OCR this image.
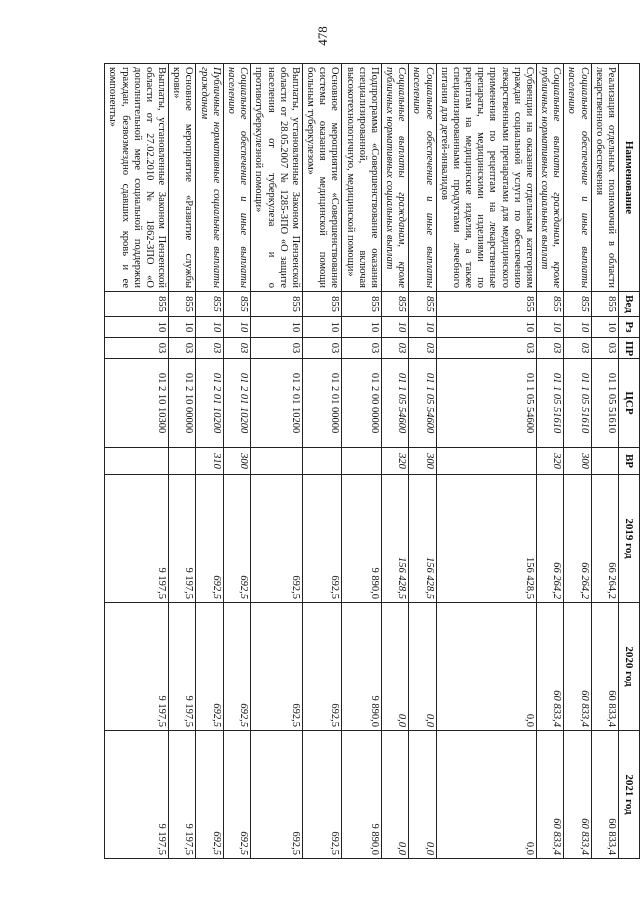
478
Наименование	Вед	Рз	ПР	ЦСР	ВР	2019 год	2020 год	2021 год
Реализация отдельных полномочий в области лекарственного обеспечения	855	10	03	01 1 05 51610		66 264,2	60 833,4	60 833,4
Социальное обеспечение и иные выплаты населению	855	10	03	01 1 05 51610	300	66 264,2	60 833,4	60 833,4
Социальные выплаты гражданам, кроме публичных нормативных социальных выплат	855	10	03	01 1 05 51610	320	66 264,2	60 833,4	60 833,4
Субвенции на оказание отдельным категориям граждан социальной услуги по обеспечению лекарственными препаратами для медицинского применения по рецептам на лекарственные препараты, медицинскими изделиями по рецептам на медицинские изделия, а также специализированными продуктами лечебного питания для детей-инвалидов	855	10	03	01 1 05 54600		156 428,5	0,0	0,0
Социальное обеспечение и иные выплаты населению	855	10	03	01 1 05 54600	300	156 428,5	0,0	0,0
Социальные выплаты гражданам, кроме публичных нормативных социальных выплат	855	10	03	01 1 05 54600	320	156 428,5	0,0	0,0
Подпрограмма «Совершенствование оказания специализированной, включая высокотехнологичную, медицинской помощи»	855	10	03	01 2 00 00000		9 890,0	9 890,0	9 890,0
Основное мероприятие «Совершенствование системы оказания медицинской помощи больным туберкулезом»	855	10	03	01 2 01 00000		692,5	692,5	692,5
Выплаты, установленные Законом Пензенской области от 28.05.2007 № 1285-ЗПО «О защите населения от туберкулеза и о противотуберкулезной помощи»	855	10	03	01 2 01 10200		692,5	692,5	692,5
Социальное обеспечение и иные выплаты населению	855	10	03	01 2 01 10200	300	692,5	692,5	692,5
Публичные нормативные социальные выплаты гражданам	855	10	03	01 2 01 10200	310	692,5	692,5	692,5
Основное мероприятие «Развитие службы крови»	855	10	03	01 2 10 00000		9 197,5	9 197,5	9 197,5
Выплаты, установленные Законом Пензенской области от 27.02.2010 № 1862-ЗПО «О дополнительной мере социальной поддержки граждан, безвозмездно сдавших кровь и ее компоненты»	855	10	03	01 2 10 10300		9 197,5	9 197,5	9 197,5
